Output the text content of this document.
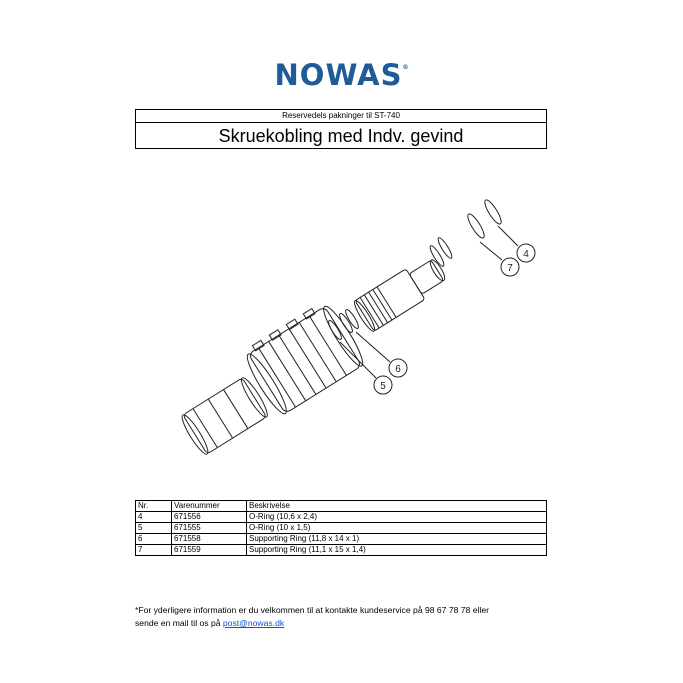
NOWAS®
Reservedels pakninger til ST-740
Skruekobling med Indv. gevind
4
7
6
5
Nr.	Varenummer	Beskrivelse
4	671556	O-Ring (10,6 x 2,4)
5	671555	O-Ring (10 x 1,5)
6	671558	Supporting Ring (11,8 x 14 x 1)
7	671559	Supporting Ring (11,1 x 15 x 1,4)
*For yderligere information er du velkommen til at kontakte kundeservice på 98 67 78 78 eller
sende en mail til os på post@nowas.dk
